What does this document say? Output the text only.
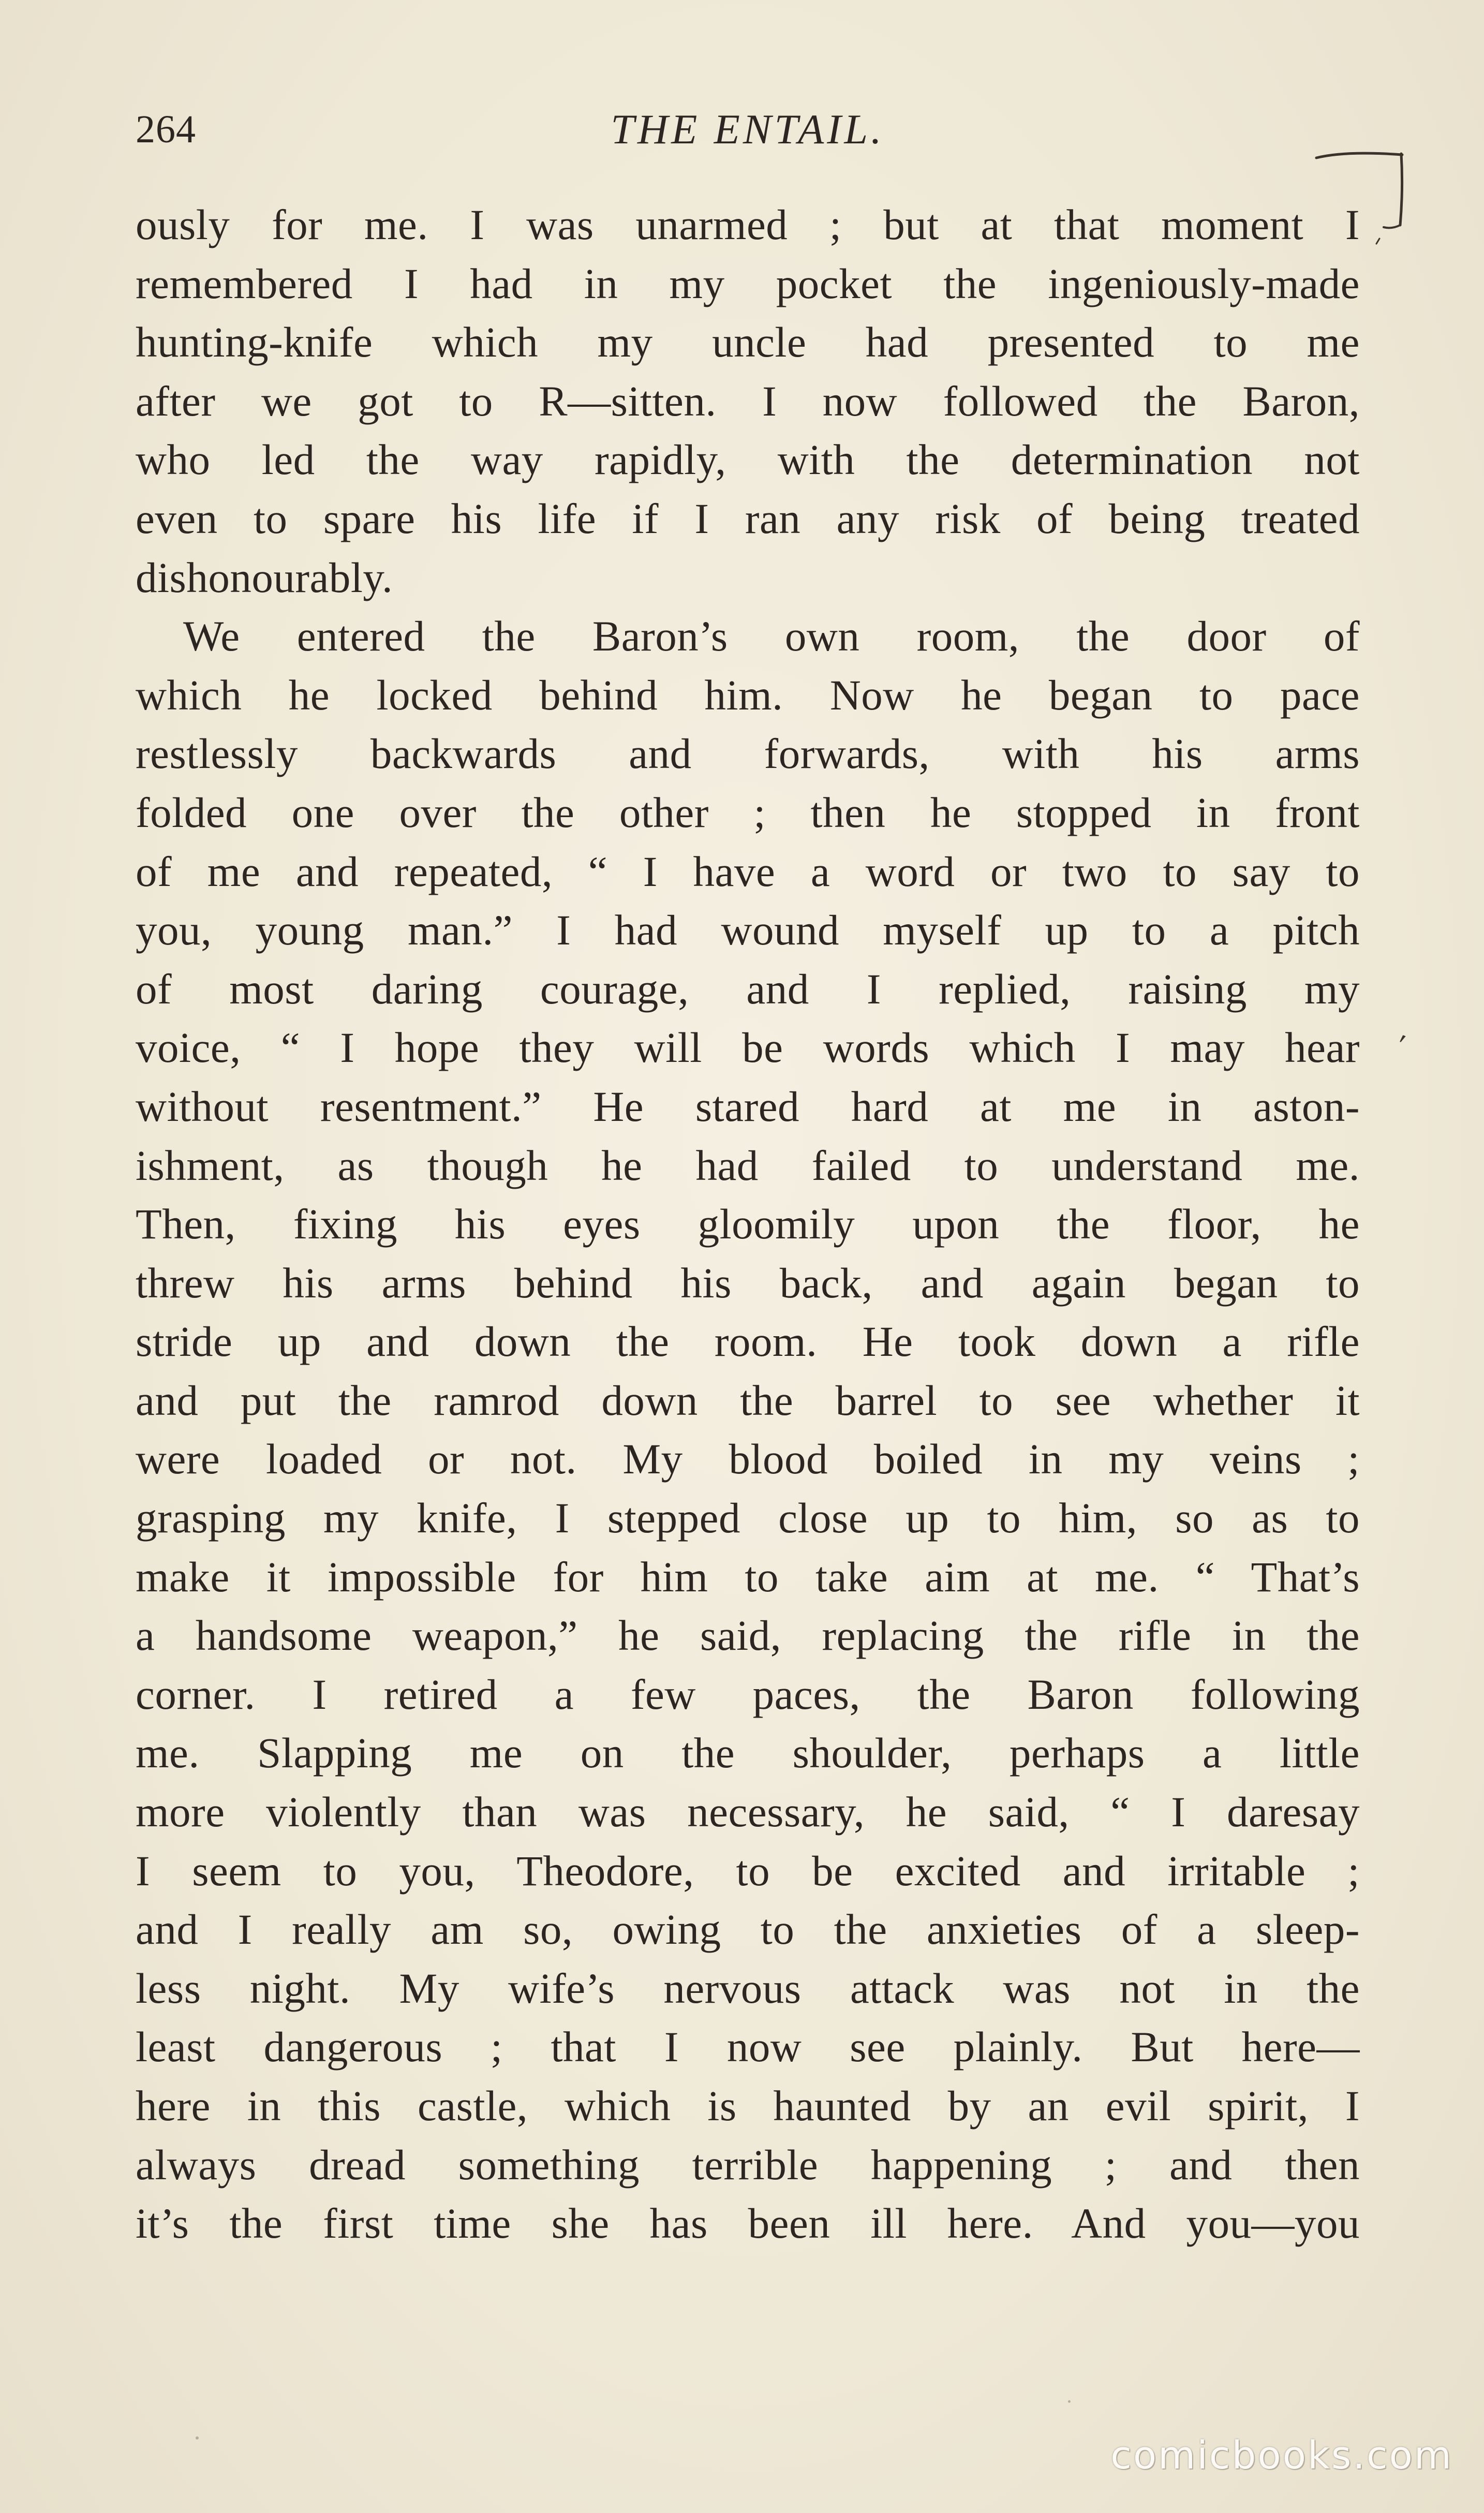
264	THE ENTAIL.
ʹ
ously for me. I was unarmed ; but at that moment I
remembered I had in my pocket the ingeniously-made
hunting-knife which my uncle had presented to me
after we got to R—sitten. I now followed the Baron,
who led the way rapidly, with the determination not
even to spare his life if I ran any risk of being treated
dishonourably.
We entered the Baron’s own room, the door of
which he locked behind him. Now he began to pace
restlessly backwards and forwards, with his arms
folded one over the other ; then he stopped in front
of me and repeated, “ I have a word or two to say to
you, young man.” I had wound myself up to a pitch
of most daring courage, and I replied, raising my
voice, “ I hope they will be words which I may hear
without resentment.” He stared hard at me in aston-
ishment, as though he had failed to understand me.
Then, fixing his eyes gloomily upon the floor, he
threw his arms behind his back, and again began to
stride up and down the room. He took down a rifle
and put the ramrod down the barrel to see whether it
were loaded or not. My blood boiled in my veins ;
grasping my knife, I stepped close up to him, so as to
make it impossible for him to take aim at me. “ That’s
a handsome weapon,” he said, replacing the rifle in the
corner. I retired a few paces, the Baron following
me. Slapping me on the shoulder, perhaps a little
more violently than was necessary, he said, “ I daresay
I seem to you, Theodore, to be excited and irritable ;
and I really am so, owing to the anxieties of a sleep-
less night. My wife’s nervous attack was not in the
least dangerous ; that I now see plainly. But here—
here in this castle, which is haunted by an evil spirit, I
always dread something terrible happening ; and then
it’s the first time she has been ill here. And you—you
comicbooks.com
